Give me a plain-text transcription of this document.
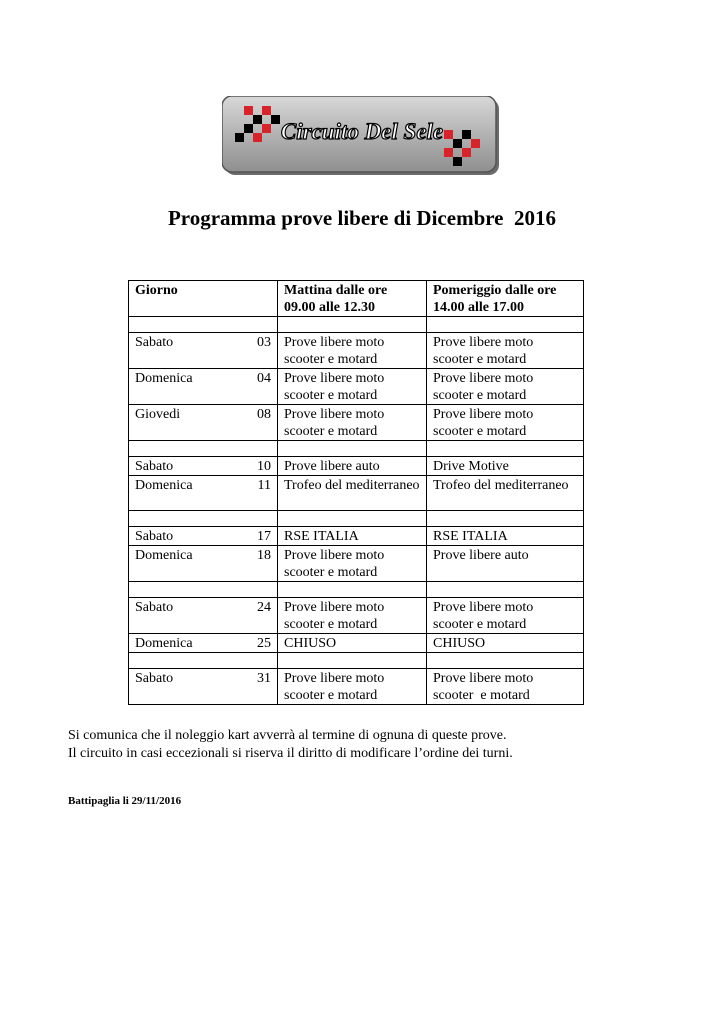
Circuito Del Sele
Programma prove libere di Dicembre  2016
Giorno	Mattina dalle ore 09.00 alle 12.30	Pomeriggio dalle ore 14.00 alle 17.00

Sabato 03	Prove libere moto scooter e motard	Prove libere moto scooter e motard

Domenica 04	Prove libere moto scooter e motard	Prove libere moto scooter e motard

Giovedi 08	Prove libere moto scooter e motard	Prove libere moto scooter e motard

Sabato 10	Prove libere auto	Drive Motive

Domenica 11	Trofeo del mediterraneo	Trofeo del mediterraneo

Sabato 17	RSE ITALIA	RSE ITALIA

Domenica 18	Prove libere moto scooter e motard	Prove libere auto

Sabato 24	Prove libere moto scooter e motard	Prove libere moto scooter e motard

Domenica 25	CHIUSO	CHIUSO

Sabato 31	Prove libere moto scooter e motard	Prove libere moto scooter  e motard
Si comunica che il noleggio kart avverrà al termine di ognuna di queste prove.
Il circuito in casi eccezionali si riserva il diritto di modificare l’ordine dei turni.
Battipaglia li 29/11/2016
